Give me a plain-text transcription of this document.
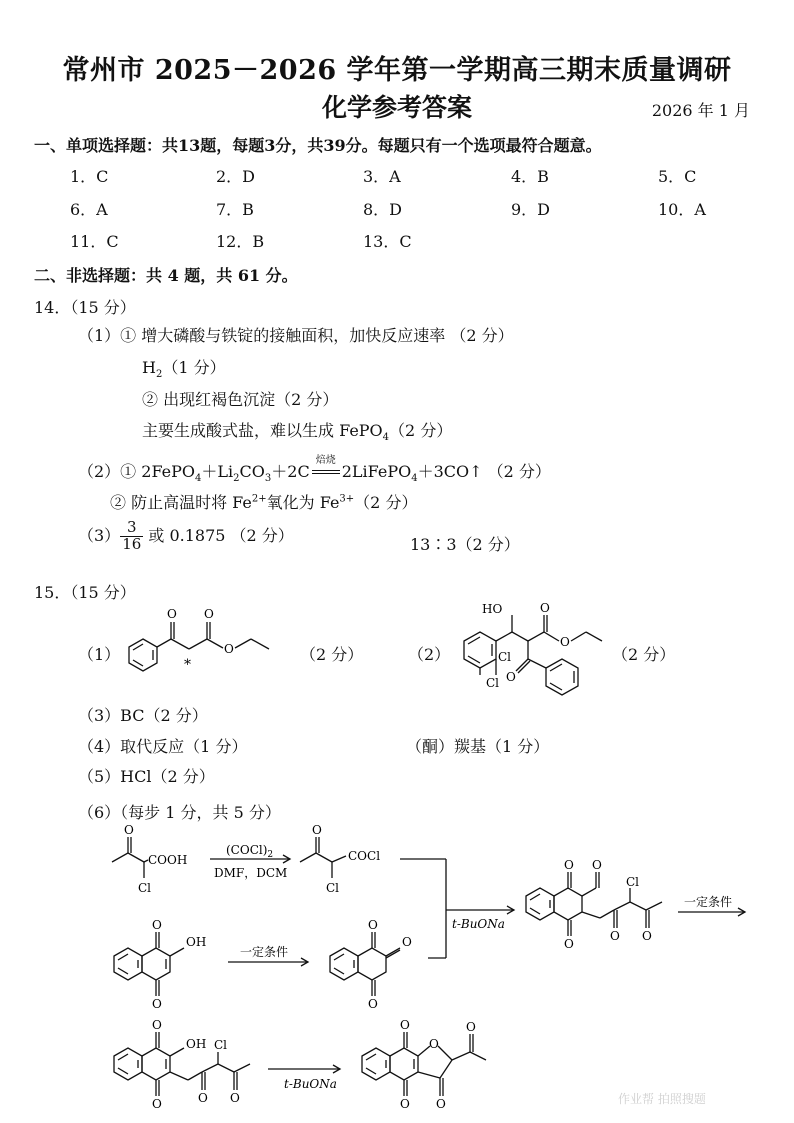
常州市 2025－2026 学年第一学期高三期末质量调研
化学参考答案	2026 年 1 月
一、单项选择题：共13题，每题3分，共39分。每题只有一个选项最符合题意。
1．C	2．D	3．A	4．B	5．C
6．A	7．B	8．D	9．D	10．A
11．C	12．B	13．C
二、非选择题：共 4 题，共 61 分。
14．（15 分）
（1）① 增大磷酸与铁锭的接触面积，加快反应速率 （2 分）
$H_2(1$ 分）
② 出现红褐色沉淀（2 分）
主要生成酸式盐，难以生成 FePO$_4$（2 分）
（2）① $2FePO_4+Li_2CO_3+2C$
焙烧
2LiFePO$_4$＋3CO↑ （2 分）
② 防止高温时将 $Fe^{2+}$氧化为 $Fe^{3+}(2$ 分）
$(3) \frac{3}{16}$ 或 0.1875 （2 分）	13∶3（2 分）
15．（15 分）
（1）
O O
O
*
（2 分）	（2）
HO	O
O
Cl
Cl O
（2 分）
（3）BC（2 分）
（4）取代反应（1 分）	（酮）羰基（1 分）
（5）HCl（2 分）
（6）（每步 1 分，共 5 分）
O
COOH
Cl
$(COCl)_2$
DMF，DCM
O
COCl
Cl
t-BuONa
O O
O
O
Cl
O
一定条件
O
OH
O
一定条件
O
O
O
O
OH Cl
O O
O
t-BuONa
O
O
O O
O
作业帮 拍照搜题
